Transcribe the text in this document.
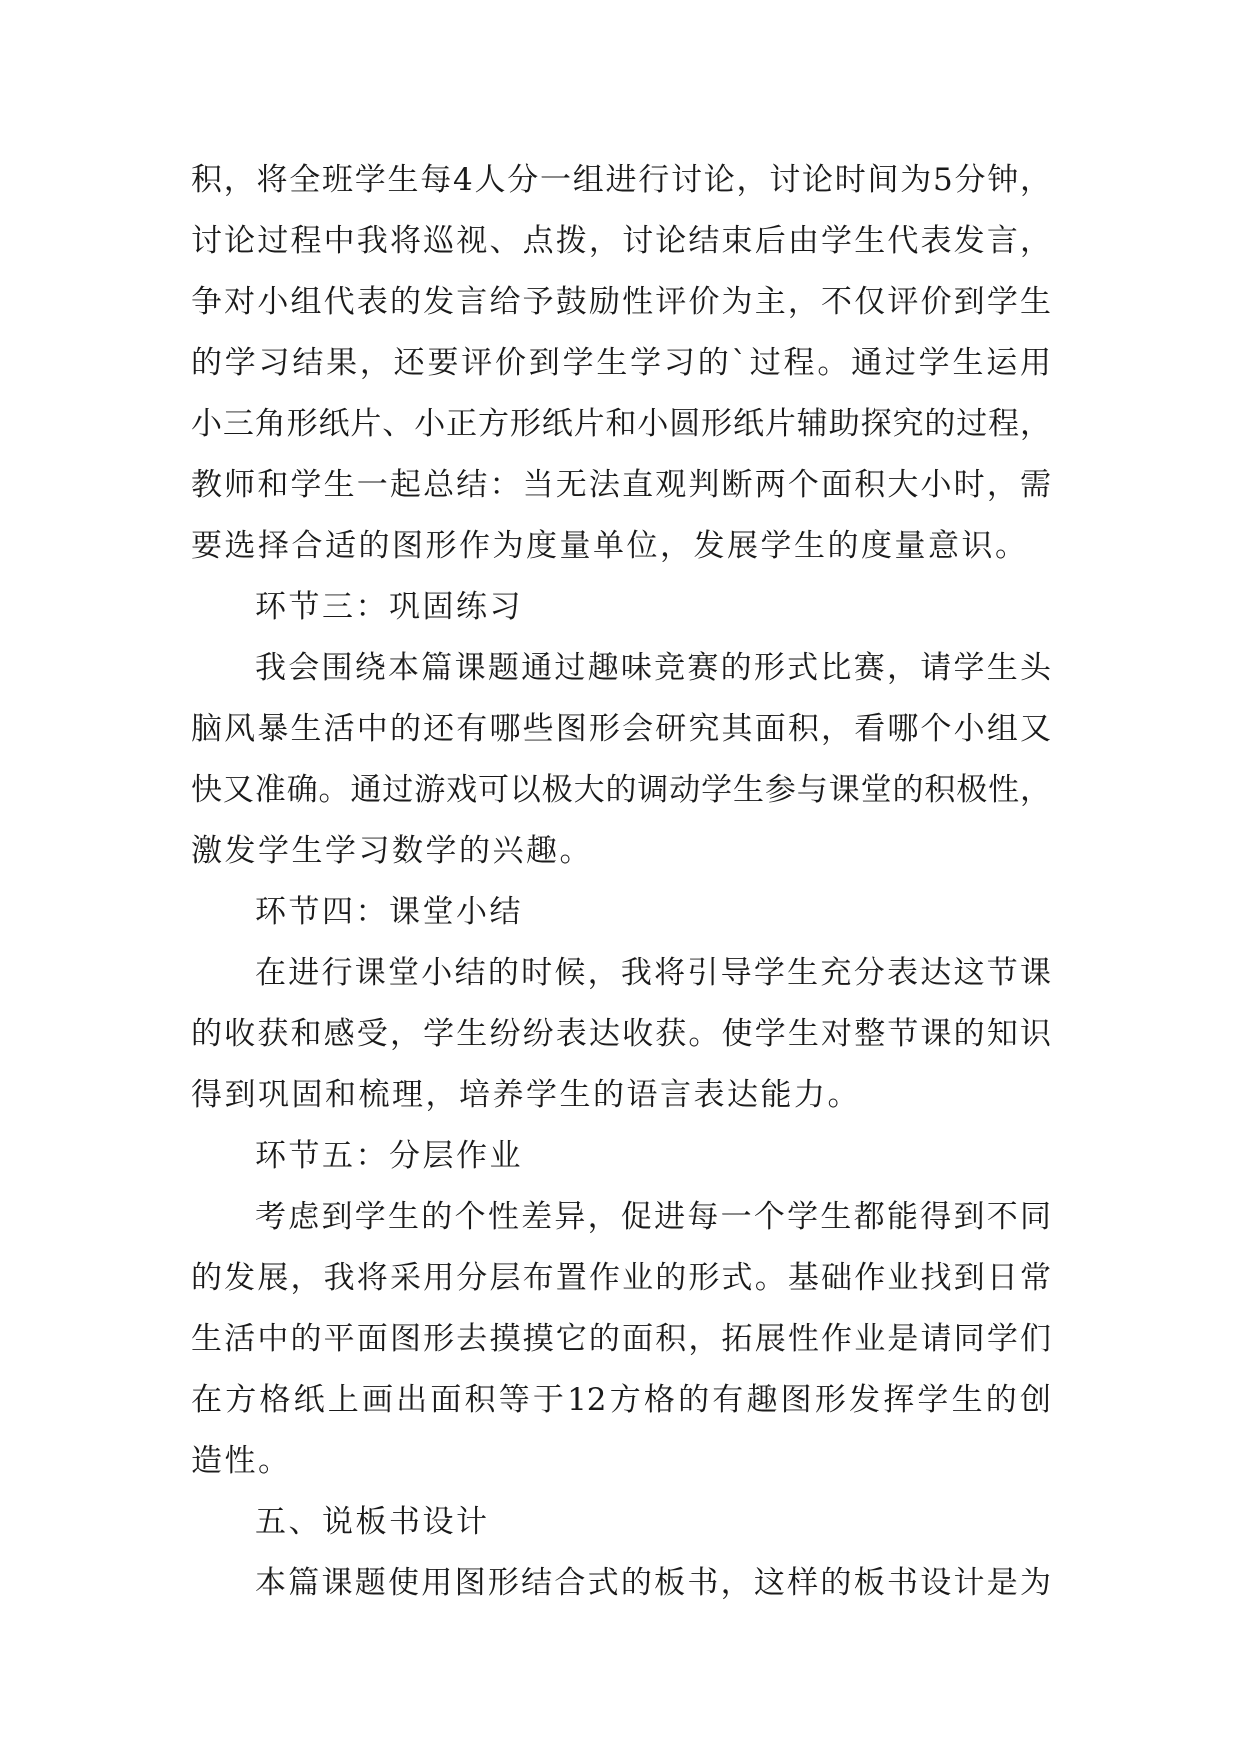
积，将全班学生每4人分一组进行讨论，讨论时间为5分钟，
讨论过程中我将巡视、点拨，讨论结束后由学生代表发言，
争对小组代表的发言给予鼓励性评价为主，不仅评价到学生
的学习结果，还要评价到学生学习的`过程。通过学生运用
小三角形纸片、小正方形纸片和小圆形纸片辅助探究的过程，
教师和学生一起总结：当无法直观判断两个面积大小时，需
要选择合适的图形作为度量单位，发展学生的度量意识。
环节三：巩固练习
我会围绕本篇课题通过趣味竞赛的形式比赛，请学生头
脑风暴生活中的还有哪些图形会研究其面积，看哪个小组又
快又准确。通过游戏可以极大的调动学生参与课堂的积极性，
激发学生学习数学的兴趣。
环节四：课堂小结
在进行课堂小结的时候，我将引导学生充分表达这节课
的收获和感受，学生纷纷表达收获。使学生对整节课的知识
得到巩固和梳理，培养学生的语言表达能力。
环节五：分层作业
考虑到学生的个性差异，促进每一个学生都能得到不同
的发展，我将采用分层布置作业的形式。基础作业找到日常
生活中的平面图形去摸摸它的面积，拓展性作业是请同学们
在方格纸上画出面积等于12方格的有趣图形发挥学生的创
造性。
五、说板书设计
本篇课题使用图形结合式的板书，这样的板书设计是为
